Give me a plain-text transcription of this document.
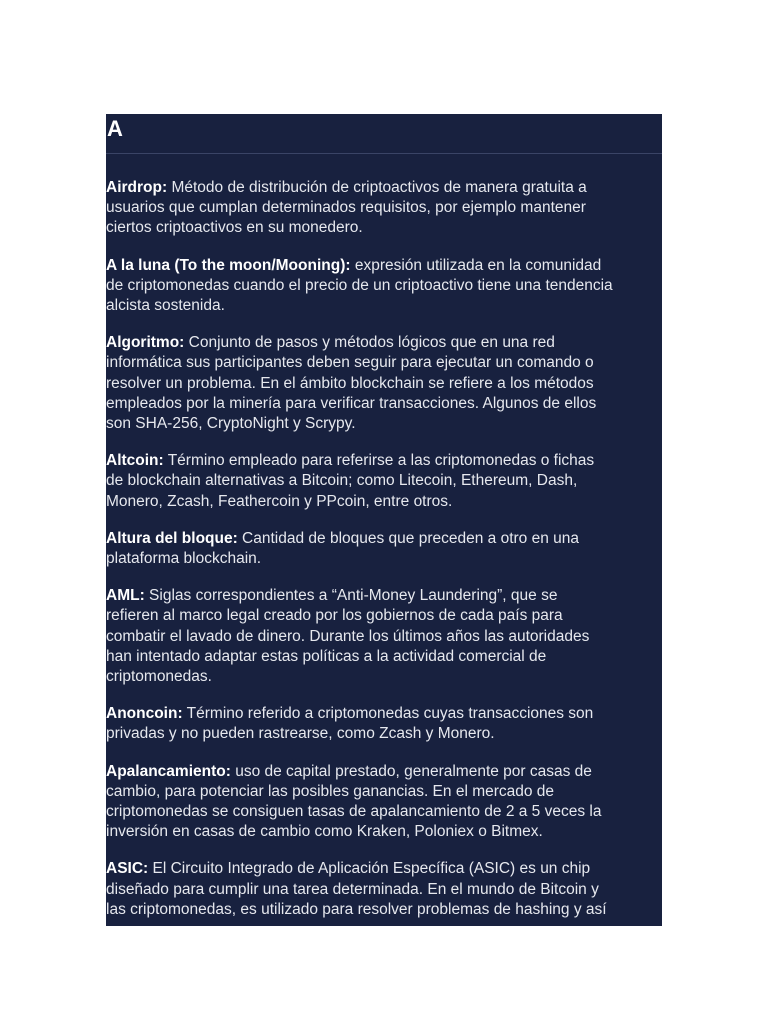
A
Airdrop: Método de distribución de criptoactivos de manera gratuita a
usuarios que cumplan determinados requisitos, por ejemplo mantener
ciertos criptoactivos en su monedero.
A la luna (To the moon/Mooning): expresión utilizada en la comunidad
de criptomonedas cuando el precio de un criptoactivo tiene una tendencia
alcista sostenida.
Algoritmo: Conjunto de pasos y métodos lógicos que en una red
informática sus participantes deben seguir para ejecutar un comando o
resolver un problema. En el ámbito blockchain se refiere a los métodos
empleados por la minería para verificar transacciones. Algunos de ellos
son SHA-256, CryptoNight y Scrypy.
Altcoin: Término empleado para referirse a las criptomonedas o fichas
de blockchain alternativas a Bitcoin; como Litecoin, Ethereum, Dash,
Monero, Zcash, Feathercoin y PPcoin, entre otros.
Altura del bloque: Cantidad de bloques que preceden a otro en una
plataforma blockchain.
AML: Siglas correspondientes a “Anti-Money Laundering”, que se
refieren al marco legal creado por los gobiernos de cada país para
combatir el lavado de dinero. Durante los últimos años las autoridades
han intentado adaptar estas políticas a la actividad comercial de
criptomonedas.
Anoncoin: Término referido a criptomonedas cuyas transacciones son
privadas y no pueden rastrearse, como Zcash y Monero.
Apalancamiento: uso de capital prestado, generalmente por casas de
cambio, para potenciar las posibles ganancias. En el mercado de
criptomonedas se consiguen tasas de apalancamiento de 2 a 5 veces la
inversión en casas de cambio como Kraken, Poloniex o Bitmex.
ASIC: El Circuito Integrado de Aplicación Específica (ASIC) es un chip
diseñado para cumplir una tarea determinada. En el mundo de Bitcoin y
las criptomonedas, es utilizado para resolver problemas de hashing y así
